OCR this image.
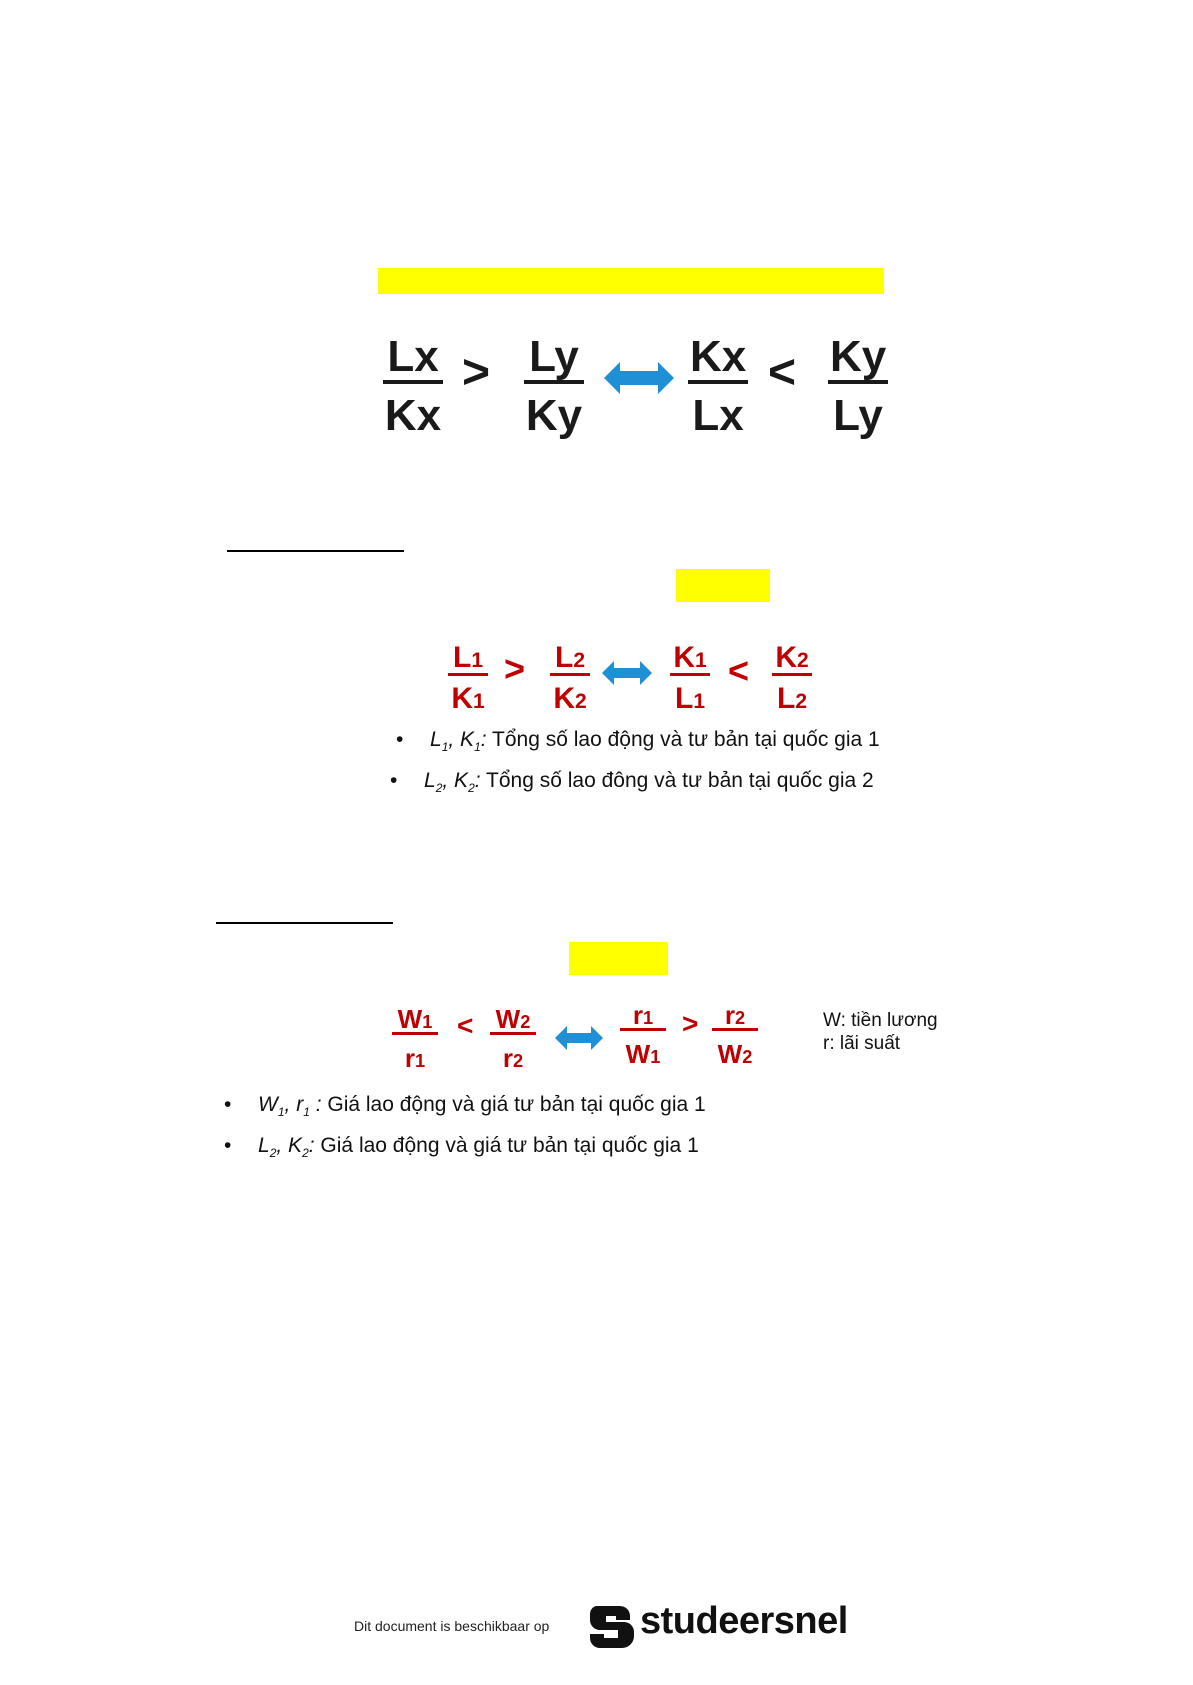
$\frac{Lx}{Kx} > \frac{Ly}{Ky} \frac{Kx}{Lx} < \frac{Ky}{Ly}$
$\frac{L1}{K1} > \frac{L2}{K2}$	$\frac{K1}{L1} < \frac{K2}{L2}$
• $L_1$, $K_1$: Tổng số lao động và tư bản tại quốc gia 1
• $L_2$, $K_2$: Tổng số lao đông và tư bản tại quốc gia 2
$\frac{W1}{r1} < \frac{W2}{r2}$	$\frac{r1}{W1} > \frac{r2}{W2}$	W: tiền lương
r: lãi suất
• $W_1$, $r_1$ : Giá lao động và giá tư bản tại quốc gia 1
• $L_2$, $K_2$: Giá lao động và giá tư bản tại quốc gia 1
Dit document is beschikbaar op studeersnel
